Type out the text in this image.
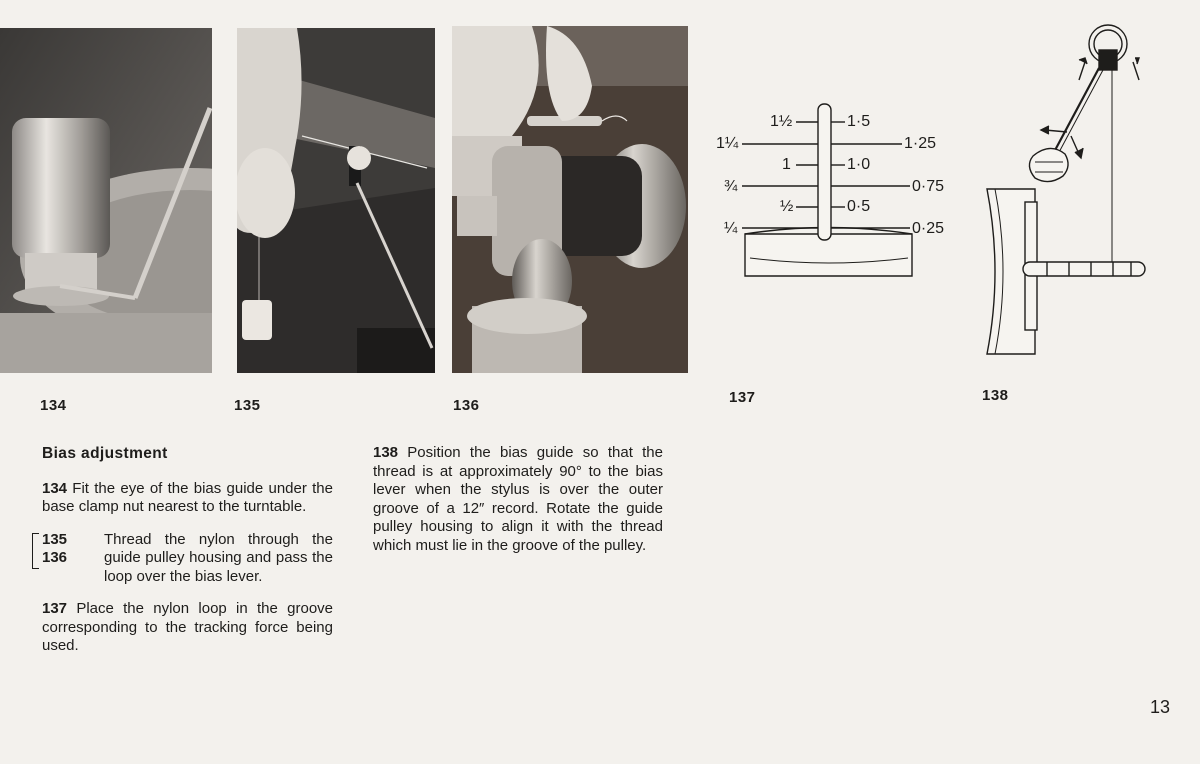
134	135	136
1½
1¼
1
¾
½
¼
1·5
1·25
1·0
0·75
0·5
0·25
137	138
Bias adjustment

134 Fit the eye of the bias guide under the base clamp nut nearest to the turntable.

135
136
Thread the nylon through the guide pulley housing and pass the loop over the bias lever.

137 Place the nylon loop in the groove corresponding to the tracking force being used.

138 Position the bias guide so that the thread is at approximately 90° to the bias lever when the stylus is over the outer groove of a 12″ record. Rotate the guide pulley housing to align it with the thread which must lie in the groove of the pulley.

13
